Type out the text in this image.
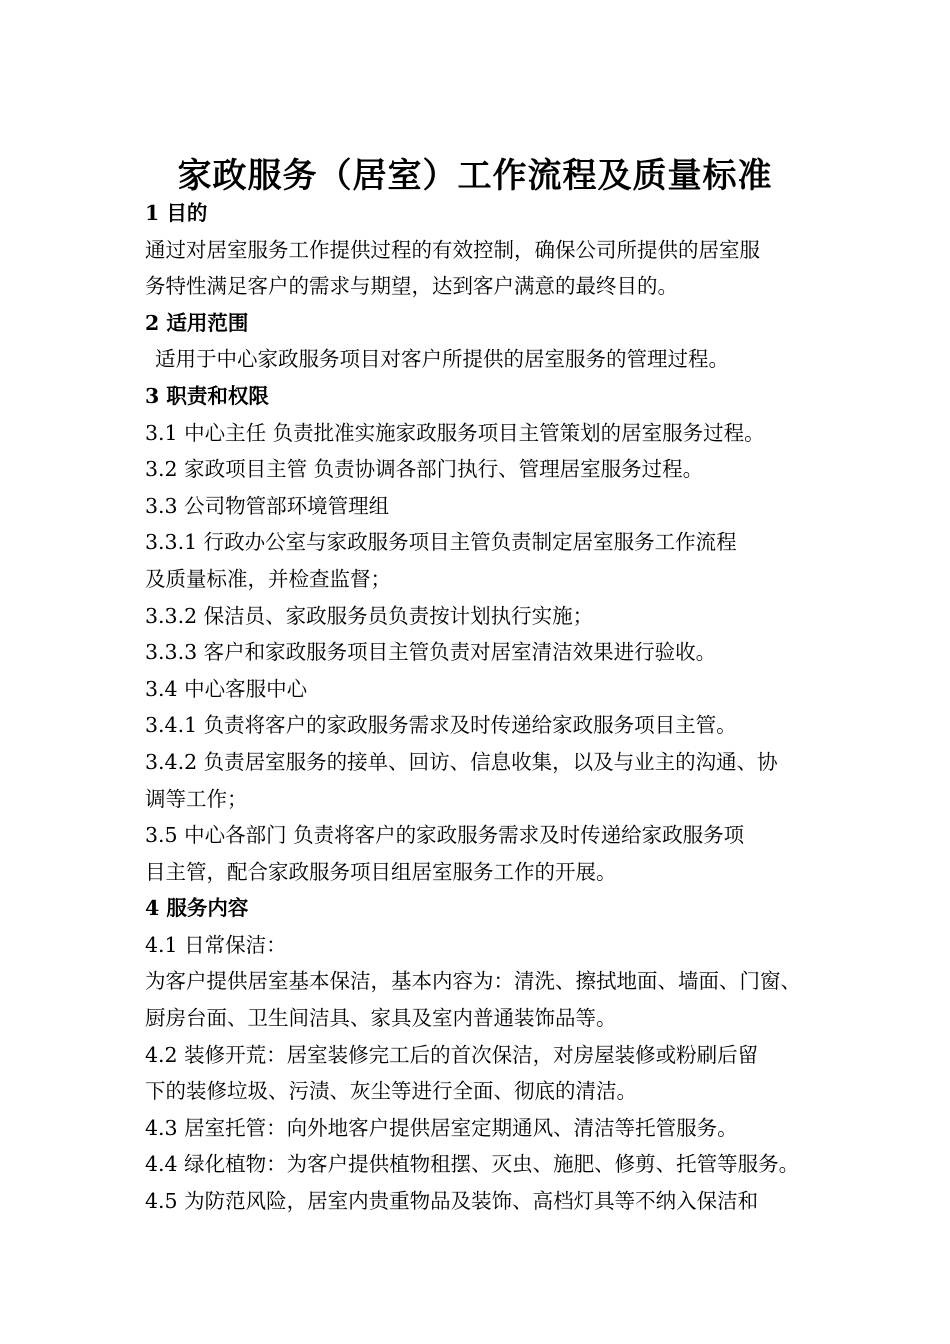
家政服务（居室）工作流程及质量标准
1 目的
通过对居室服务工作提供过程的有效控制，确保公司所提供的居室服
务特性满足客户的需求与期望，达到客户满意的最终目的。
2 适用范围
适用于中心家政服务项目对客户所提供的居室服务的管理过程。
3 职责和权限
3.1 中心主任 负责批准实施家政服务项目主管策划的居室服务过程。
3.2 家政项目主管 负责协调各部门执行、管理居室服务过程。
3.3 公司物管部环境管理组
3.3.1 行政办公室与家政服务项目主管负责制定居室服务工作流程
及质量标准，并检查监督；
3.3.2 保洁员、家政服务员负责按计划执行实施；
3.3.3 客户和家政服务项目主管负责对居室清洁效果进行验收。
3.4 中心客服中心
3.4.1 负责将客户的家政服务需求及时传递给家政服务项目主管。
3.4.2 负责居室服务的接单、回访、信息收集，以及与业主的沟通、协
调等工作；
3.5 中心各部门 负责将客户的家政服务需求及时传递给家政服务项
目主管，配合家政服务项目组居室服务工作的开展。
4 服务内容
4.1 日常保洁：
为客户提供居室基本保洁，基本内容为：清洗、擦拭地面、墙面、门窗、
厨房台面、卫生间洁具、家具及室内普通装饰品等。
4.2 装修开荒：居室装修完工后的首次保洁，对房屋装修或粉刷后留
下的装修垃圾、污渍、灰尘等进行全面、彻底的清洁。
4.3 居室托管：向外地客户提供居室定期通风、清洁等托管服务。
4.4 绿化植物：为客户提供植物租摆、灭虫、施肥、修剪、托管等服务。
4.5 为防范风险，居室内贵重物品及装饰、高档灯具等不纳入保洁和
